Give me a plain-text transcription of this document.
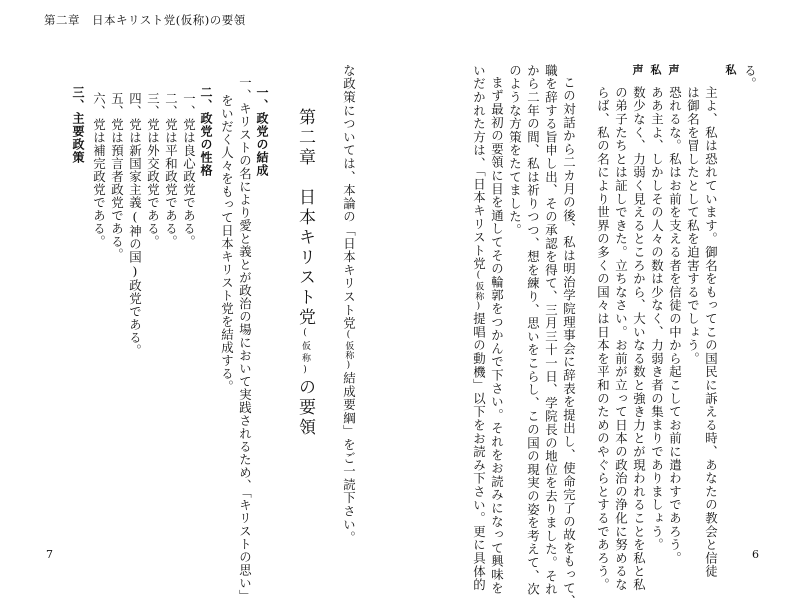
第二章　日本キリスト党(仮称)の要領
る。
私
主よ、私は恐れています。御名をもってこの国民に訴える時、あなたの教会と信徒
は御名を冒したとして私を迫害するでしょう。
声
恐れるな。私はお前を支える者を信徒の中から起こしてお前に遣わすであろう。
私
ああ主よ、しかしその人々の数は少なく、力弱き者の集まりでありましょう。
声
数少なく、力弱く見えるところから、大いなる数と強き力とが現われることを私と私
の弟子たちとは証しできた。立ちなさい。お前が立って日本の政治の浄化に努めるな
らば、私の名により世界の多くの国々は日本を平和のためのやぐらとするであろう。
この対話から二カ月の後、私は明治学院理事会に辞表を提出し、使命完了の故をもって、
職を辞する旨申し出、その承認を得て、三月三十一日、学院長の地位を去りました。それ
から二年の間、私は祈りつつ、想を練り、思いをこらし、この国の現実の姿を考えて、次
のような方策をたてました。
まず最初の要領に目を通してその輪郭をつかんで下さい。それをお読みになって興味を
いだかれた方は、「日本キリスト党(仮称)提唱の動機」以下をお読み下さい。更に具体的
な政策については、本論の「日本キリスト党(仮称)結成要綱」をご一読下さい。
第二章　日本キリスト党(仮称)の要領
一、政党の結成
一、キリストの名により愛と義とが政治の場において実践されるため、「キリストの思い」
をいだく人々をもって日本キリスト党を結成する。
二、政党の性格
一、党は良心政党である。
二、党は平和政党である。
三、党は外交政党である。
四、党は新国家主義(神の国)政党である。
五、党は預言者政党である。
六、党は補完政党である。
三、主要政策
7	6
